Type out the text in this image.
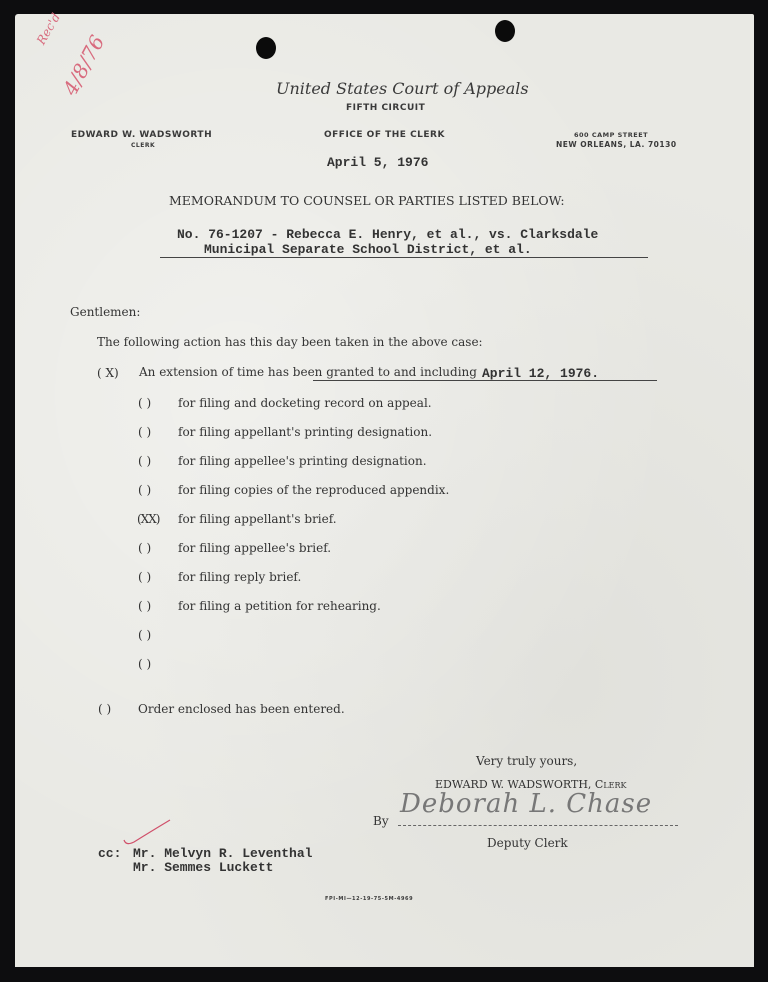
Rec'd
4/8/76	United States Court of Appeals
FIFTH CIRCUIT
EDWARD W. WADSWORTH
CLERK
OFFICE OF THE CLERK	600 CAMP STREET
NEW ORLEANS, LA. 70130
April 5, 1976
MEMORANDUM TO COUNSEL OR PARTIES LISTED BELOW:
No. 76-1207 - Rebecca E. Henry, et al., vs. Clarksdale
Municipal Separate School District, et al.
Gentlemen:
The following action has this day been taken in the above case:
( X) An extension of time has been granted to and including April 12, 1976.
( ) for filing and docketing record on appeal.
( ) for filing appellant's printing designation.
( ) for filing appellee's printing designation.
( ) for filing copies of the reproduced appendix.
(XX) for filing appellant's brief.
( ) for filing appellee's brief.
( ) for filing reply brief.
( ) for filing a petition for rehearing.
( )
( )
( ) Order enclosed has been entered.
Very truly yours,
EDWARD W. WADSWORTH, Clerk
By
Deborah L. Chase
Deputy Clerk
cc: Mr. Melvyn R. Leventhal
Mr. Semmes Luckett
FPI-MI—12-19-75-5M-4969
